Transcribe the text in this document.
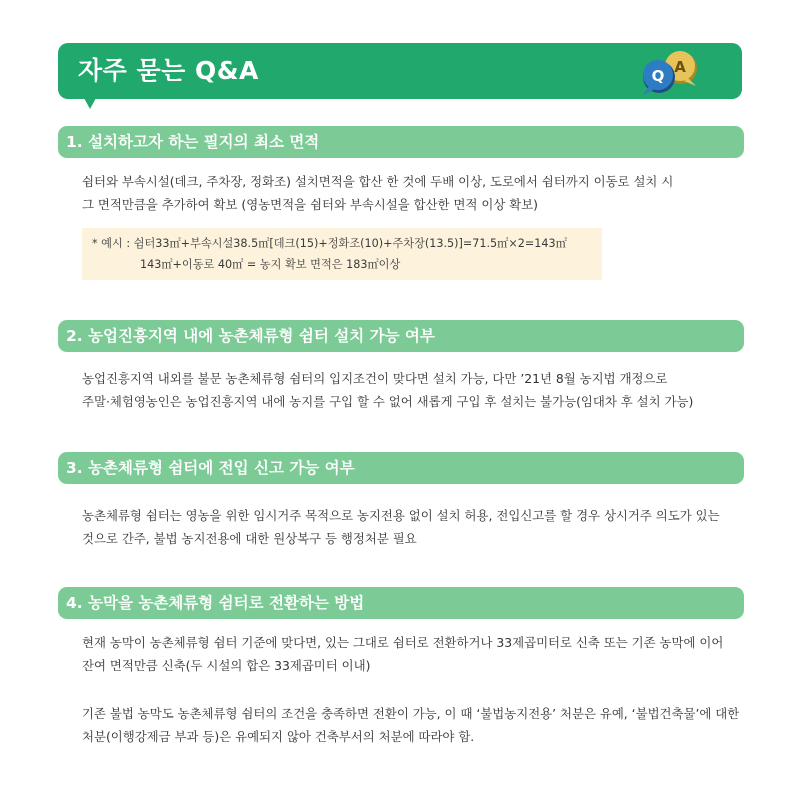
자주 묻는 Q&A	A
Q
1. 설치하고자 하는 필지의 최소 면적

쉼터와 부속시설(데크, 주차장, 정화조) 설치면적을 합산 한 것에 두배 이상, 도로에서 쉼터까지 이동로 설치 시

그 면적만큼을 추가하여 확보 (영농면적을 쉼터와 부속시설을 합산한 면적 이상 확보)

* 예시 : 쉼터33㎡+부속시설38.5㎡[데크(15)+정화조(10)+주차장(13.5)]=71.5㎡×2=143㎡
143㎡+이동로 40㎡ = 농지 확보 면적은 183㎡이상
2. 농업진흥지역 내에 농촌체류형 쉼터 설치 가능 여부

농업진흥지역 내외를 불문 농촌체류형 쉼터의 입지조건이 맞다면 설치 가능, 다만 ’21년 8월 농지법 개정으로

주말·체험영농인은 농업진흥지역 내에 농지를 구입 할 수 없어 새롭게 구입 후 설치는 불가능(임대차 후 설치 가능)

3. 농촌체류형 쉼터에 전입 신고 가능 여부

농촌체류형 쉼터는 영농을 위한 임시거주 목적으로 농지전용 없이 설치 허용, 전입신고를 할 경우 상시거주 의도가 있는

것으로 간주, 불법 농지전용에 대한 원상복구 등 행정처분 필요

4. 농막을 농촌체류형 쉼터로 전환하는 방법

현재 농막이 농촌체류형 쉼터 기준에 맞다면, 있는 그대로 쉼터로 전환하거나 33제곱미터로 신축 또는 기존 농막에 이어

잔여 면적만큼 신축(두 시설의 합은 33제곱미터 이내)

기존 불법 농막도 농촌체류형 쉼터의 조건을 충족하면 전환이 가능, 이 때 ‘불법농지전용’ 처분은 유예, ‘불법건축물’에 대한

처분(이행강제금 부과 등)은 유예되지 않아 건축부서의 처분에 따라야 함.
